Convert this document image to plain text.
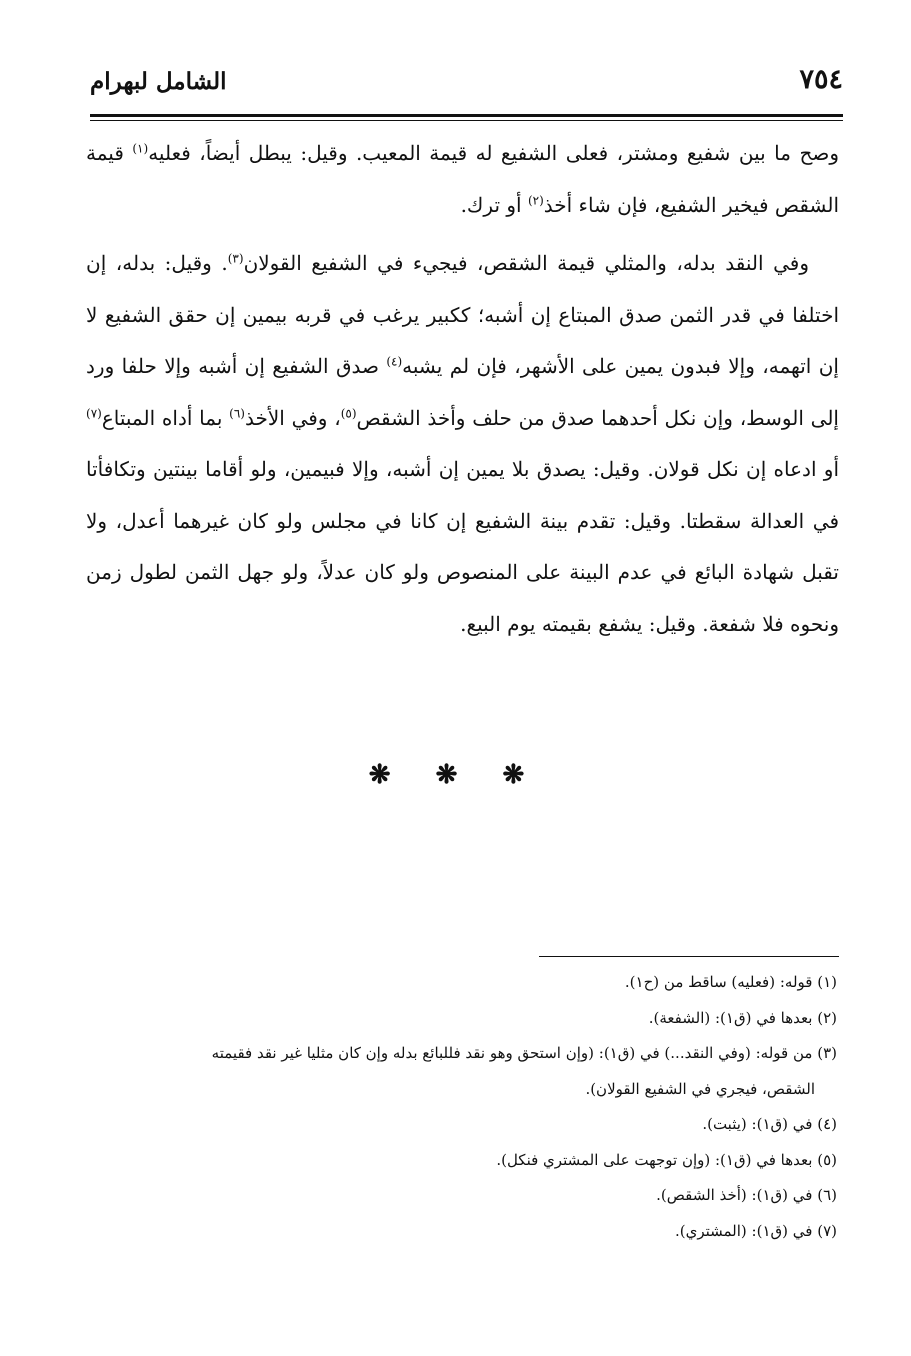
٧٥٤
الشامل لبهرام

وصح ما بين شفيع ومشتر، فعلى الشفيع له قيمة المعيب. وقيل: يبطل أيضاً، فعليه$^{(١)}$ قيمة الشقص فيخير الشفيع، فإن شاء أخذ$^{(٢)}$ أو ترك.

وفي النقد بدله، والمثلي قيمة الشقص، فيجيء في الشفيع القولان$^{(٣)}$. وقيل: بدله، إن اختلفا في قدر الثمن صدق المبتاع إن أشبه؛ ككبير يرغب في قربه بيمين إن حقق الشفيع لا إن اتهمه، وإلا فبدون يمين على الأشهر، فإن لم يشبه$^{(٤)}$ صدق الشفيع إن أشبه وإلا حلفا ورد إلى الوسط، وإن نكل أحدهما صدق من حلف وأخذ الشقص$^{(٥)}$، وفي الأخذ$^{(٦)}$ بما أداه المبتاع$^{(٧)}$ أو ادعاه إن نكل قولان. وقيل: يصدق بلا يمين إن أشبه، وإلا فبيمين، ولو أقاما بينتين وتكافأتا في العدالة سقطتا. وقيل: تقدم بينة الشفيع إن كانا في مجلس ولو كان غيرهما أعدل، ولا تقبل شهادة البائع في عدم البينة على المنصوص ولو كان عدلاً، ولو جهل الثمن لطول زمن ونحوه فلا شفعة. وقيل: يشفع بقيمته يوم البيع.

❋ ❋ ❋
(١) قوله: (فعليه) ساقط من (ح١).
(٢) بعدها في (ق١): (الشفعة).
(٣) من قوله: (وفي النقد...) في (ق١): (وإن استحق وهو نقد فللبائع بدله وإن كان مثليا غير نقد فقيمته
الشقص، فيجري في الشفيع القولان).
(٤) في (ق١): (يثبت).
(٥) بعدها في (ق١): (وإن توجهت على المشتري فنكل).
(٦) في (ق١): (أخذ الشقص).
(٧) في (ق١): (المشتري).
